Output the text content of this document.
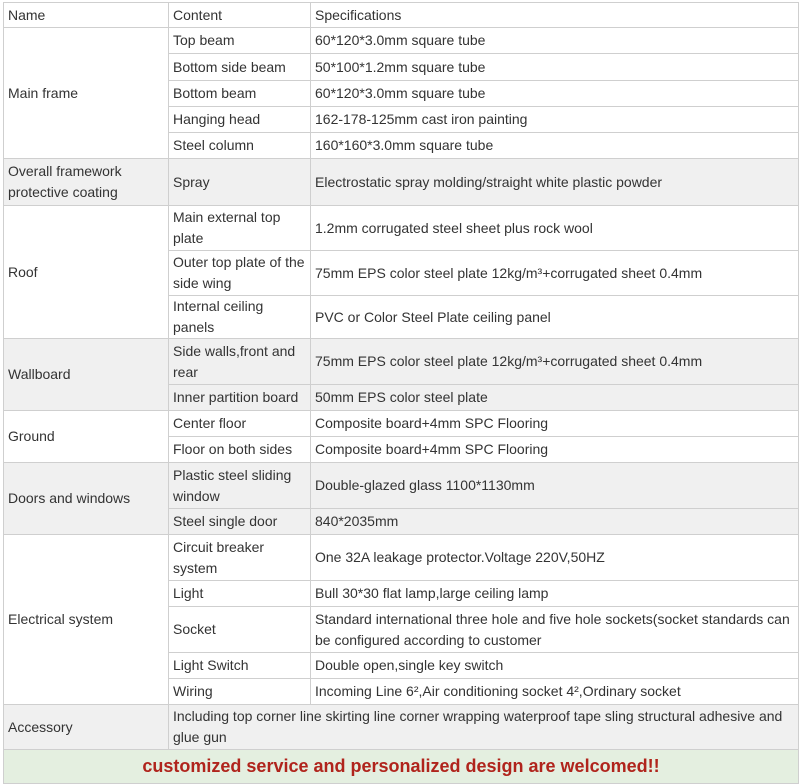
Name	Content	Specifications
Main frame	Top beam	60*120*3.0mm square tube
	Bottom side beam	50*100*1.2mm square tube
	Bottom beam	60*120*3.0mm square tube
	Hanging head	162-178-125mm cast iron painting
	Steel column	160*160*3.0mm square tube
Overall framework protective coating	Spray	Electrostatic spray molding/straight white plastic powder
Roof	Main external top plate	1.2mm corrugated steel sheet plus rock wool
	Outer top plate of the side wing	75mm EPS color steel plate 12kg/m³+corrugated sheet 0.4mm
	Internal ceiling panels	PVC or Color Steel Plate ceiling panel
Wallboard	Side walls,front and rear	75mm EPS color steel plate 12kg/m³+corrugated sheet 0.4mm
	Inner partition board	50mm EPS color steel plate
Ground	Center floor	Composite board+4mm SPC Flooring
	Floor on both sides	Composite board+4mm SPC Flooring
Doors and windows	Plastic steel sliding window	Double-glazed glass 1100*1130mm
	Steel single door	840*2035mm
Electrical system	Circuit breaker system	One 32A leakage protector.Voltage 220V,50HZ
	Light	Bull 30*30 flat lamp,large ceiling lamp
	Socket	Standard international three hole and five hole sockets(socket standards can be configured according to customer
	Light Switch	Double open,single key switch
	Wiring	Incoming Line 6²,Air conditioning socket 4²,Ordinary socket
Accessory	Including top corner line skirting line corner wrapping waterproof tape sling structural adhesive and glue gun	
customized service and personalized design are welcomed!!		
